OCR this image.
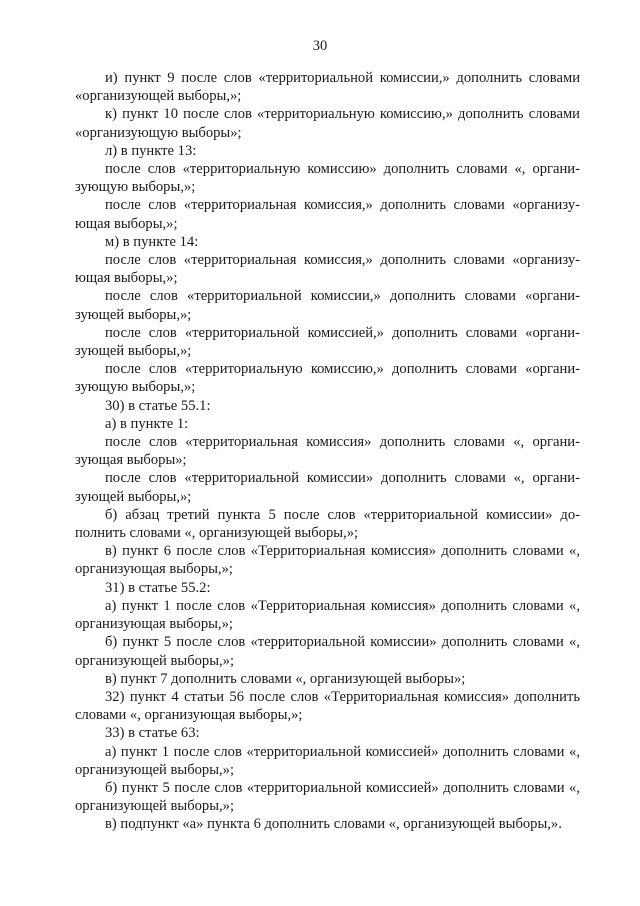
30

и) пункт 9 после слов «территориальной комиссии,» дополнить словами «организующей выборы,»;

к) пункт 10 после слов «территориальную комиссию,» дополнить словами «организующую выборы»;

л) в пункте 13:

после слов «территориальную комиссию» дополнить словами «, организующую выборы,»;

после слов «территориальная комиссия,» дополнить словами «организующая выборы,»;

м) в пункте 14:

после слов «территориальная комиссия,» дополнить словами «организующая выборы,»;

после слов «территориальной комиссии,» дополнить словами «организующей выборы,»;

после слов «территориальной комиссией,» дополнить словами «организующей выборы,»;

после слов «территориальную комиссию,» дополнить словами «организующую выборы,»;

30) в статье 55.1:

а) в пункте 1:

после слов «территориальная комиссия» дополнить словами «, организующая выборы»;

после слов «территориальной комиссии» дополнить словами «, организующей выборы,»;

б) абзац третий пункта 5 после слов «территориальной комиссии» дополнить словами «, организующей выборы,»;

в) пункт 6 после слов «Территориальная комиссия» дополнить словами «, организующая выборы,»;

31) в статье 55.2:

а) пункт 1 после слов «Территориальная комиссия» дополнить словами «, организующая выборы,»;

б) пункт 5 после слов «территориальной комиссии» дополнить словами «, организующей выборы,»;

в) пункт 7 дополнить словами «, организующей выборы»;

32) пункт 4 статьи 56 после слов «Территориальная комиссия» дополнить словами «, организующая выборы,»;

33) в статье 63:

а) пункт 1 после слов «территориальной комиссией» дополнить словами «, организующей выборы,»;

б) пункт 5 после слов «территориальной комиссией» дополнить словами «, организующей выборы,»;

в) подпункт «а» пункта 6 дополнить словами «, организующей выборы,».
